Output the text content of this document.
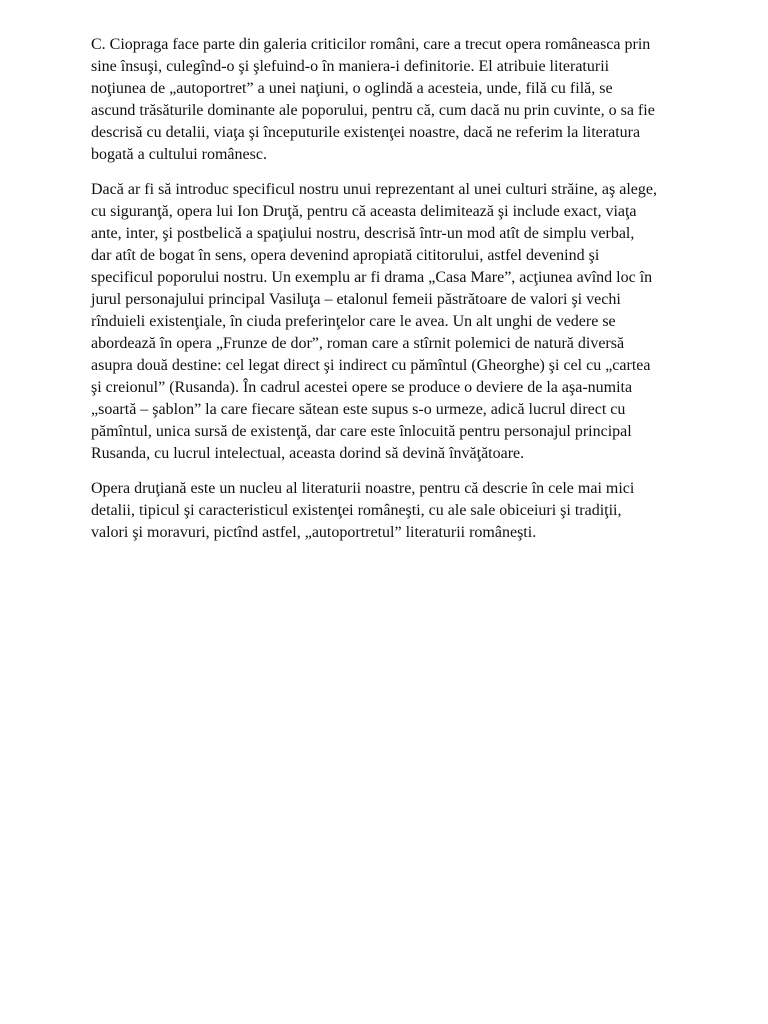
C. Ciopraga face parte din galeria criticilor români, care a trecut opera româneasca prin
sine însuşi, culegînd-o şi şlefuind-o în maniera-i definitorie. El atribuie literaturii
noţiunea de „autoportret” a unei naţiuni, o oglindă a acesteia, unde, filă cu filă, se
ascund trăsăturile dominante ale poporului, pentru că, cum dacă nu prin cuvinte, o sa fie
descrisă cu detalii, viaţa şi începuturile existenţei noastre, dacă ne referim la literatura
bogată a cultului românesc.

Dacă ar fi să introduc specificul nostru unui reprezentant al unei culturi străine, aş alege,
cu siguranţă, opera lui Ion Druţă, pentru că aceasta delimitează şi include exact, viaţa
ante, inter, şi postbelică a spaţiului nostru, descrisă într-un mod atît de simplu verbal,
dar atît de bogat în sens, opera devenind apropiată cititorului, astfel devenind şi
specificul poporului nostru. Un exemplu ar fi drama „Casa Mare”, acţiunea avînd loc în
jurul personajului principal Vasiluţa – etalonul femeii păstrătoare de valori şi vechi
rînduieli existenţiale, în ciuda preferinţelor care le avea. Un alt unghi de vedere se
abordează în opera „Frunze de dor”, roman care a stîrnit polemici de natură diversă
asupra două destine: cel legat direct şi indirect cu pămîntul (Gheorghe) şi cel cu „cartea
şi creionul” (Rusanda). În cadrul acestei opere se produce o deviere de la aşa-numita
„soartă – şablon” la care fiecare sătean este supus s-o urmeze, adică lucrul direct cu
pămîntul, unica sursă de existenţă, dar care este înlocuită pentru personajul principal
Rusanda, cu lucrul intelectual, aceasta dorind să devină învăţătoare.

Opera druţiană este un nucleu al literaturii noastre, pentru că descrie în cele mai mici
detalii, tipicul şi caracteristicul existenţei româneşti, cu ale sale obiceiuri şi tradiţii,
valori şi moravuri, pictînd astfel, „autoportretul” literaturii româneşti.
